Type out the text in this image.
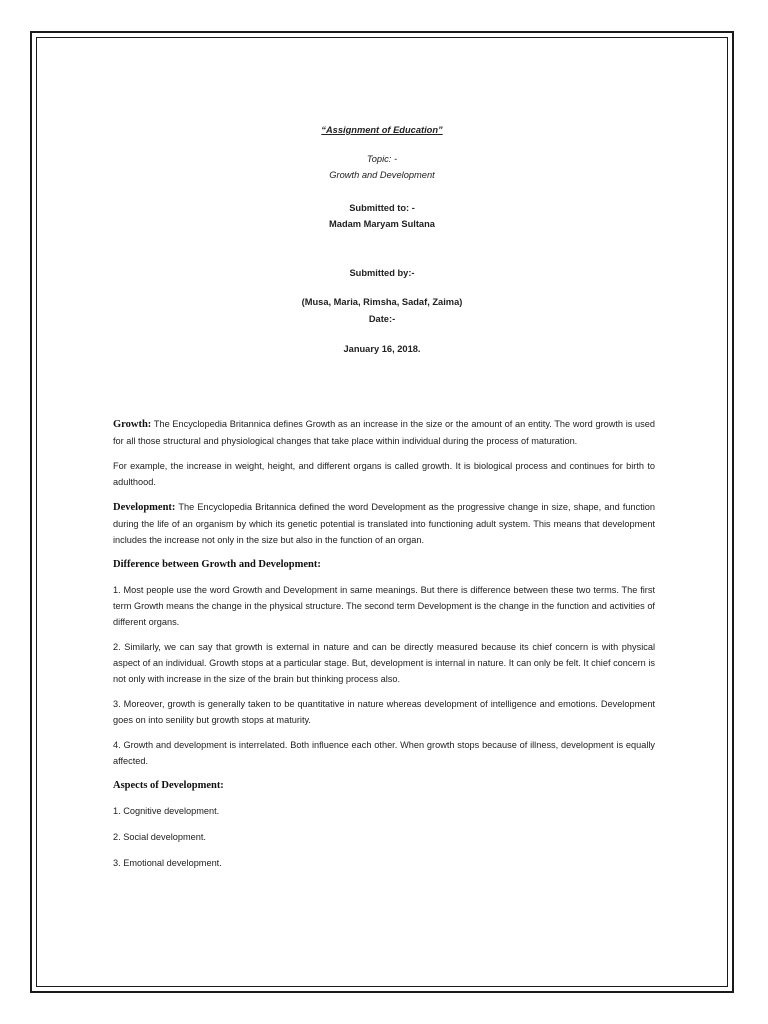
“Assignment of Education”
Topic: -
Growth and Development
Submitted to: -
Madam Maryam Sultana
Submitted by:-
(Musa, Maria, Rimsha, Sadaf, Zaima)
Date:-
January 16, 2018.

Growth: The Encyclopedia Britannica defines Growth as an increase in the size or the amount of an entity. The word growth is used for all those structural and physiological changes that take place within individual during the process of maturation.

For example, the increase in weight, height, and different organs is called growth. It is biological process and continues for birth to adulthood.

Development: The Encyclopedia Britannica defined the word Development as the progressive change in size, shape, and function during the life of an organism by which its genetic potential is translated into functioning adult system. This means that development includes the increase not only in the size but also in the function of an organ.

Difference between Growth and Development:

1. Most people use the word Growth and Development in same meanings. But there is difference between these two terms. The first term Growth means the change in the physical structure. The second term Development is the change in the function and activities of different organs.

2. Similarly, we can say that growth is external in nature and can be directly measured because its chief concern is with physical aspect of an individual. Growth stops at a particular stage. But, development is internal in nature. It can only be felt. It chief concern is not only with increase in the size of the brain but thinking process also.

3. Moreover, growth is generally taken to be quantitative in nature whereas development of intelligence and emotions. Development goes on into senility but growth stops at maturity.

4. Growth and development is interrelated. Both influence each other. When growth stops because of illness, development is equally affected.

Aspects of Development:

1. Cognitive development.

2. Social development.

3. Emotional development.
